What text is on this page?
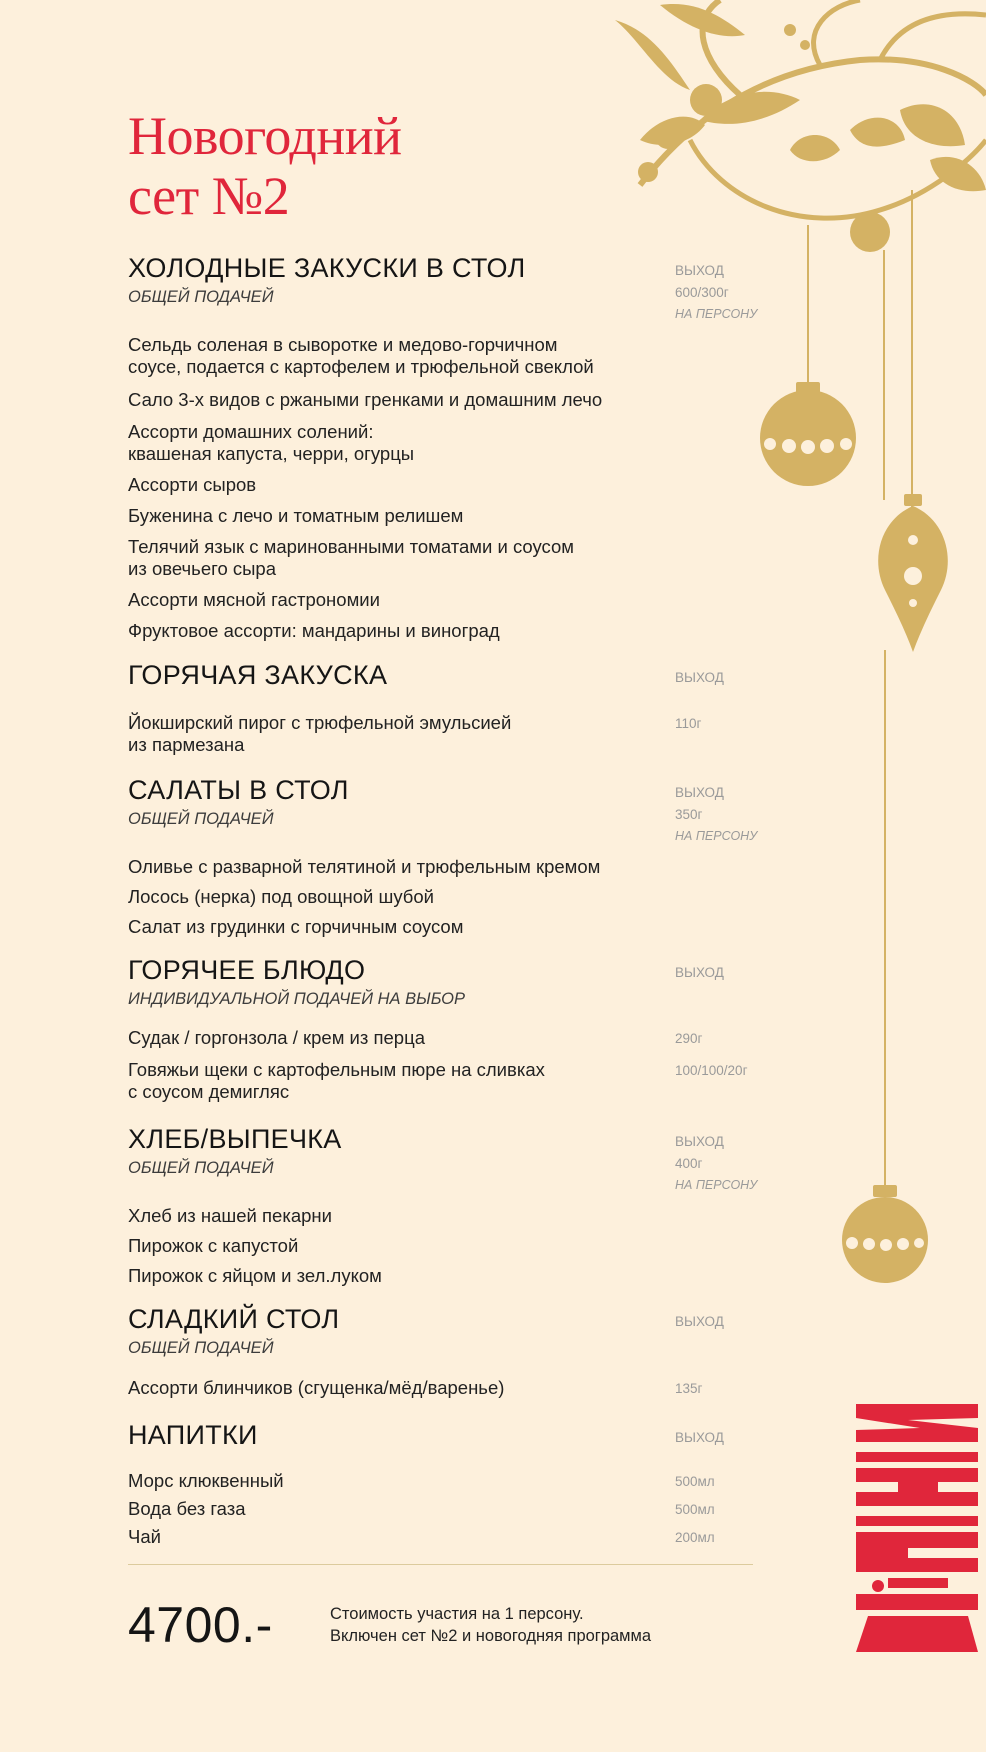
Новогодний
сет №2
ХОЛОДНЫЕ ЗАКУСКИ В СТОЛ
ОБЩЕЙ ПОДАЧЕЙ
ВЫХОД
600/300г
НА ПЕРСОНУ
Сельдь соленая в сыворотке и медово-горчичном
соусе, подается с картофелем и трюфельной свеклой
Сало 3-х видов с ржаными гренками и домашним лечо
Ассорти домашних солений:
квашеная капуста, черри, огурцы
Ассорти сыров
Буженина с лечо и томатным релишем
Телячий язык с маринованными томатами и соусом
из овечьего сыра
Ассорти мясной гастрономии
Фруктовое ассорти: мандарины и виноград
ГОРЯЧАЯ ЗАКУСКА	ВЫХОД
Йокширский пирог с трюфельной эмульсией
из пармезана
110г
САЛАТЫ В СТОЛ
ОБЩЕЙ ПОДАЧЕЙ
ВЫХОД
350г
НА ПЕРСОНУ
Оливье с разварной телятиной и трюфельным кремом
Лосось (нерка) под овощной шубой
Салат из грудинки с горчичным соусом
ГОРЯЧЕЕ БЛЮДО
ИНДИВИДУАЛЬНОЙ ПОДАЧЕЙ НА ВЫБОР
ВЫХОД
Судак / горгонзола / крем из перца	290г
Говяжьи щеки с картофельным пюре на сливках
с соусом демигляс
100/100/20г
ХЛЕБ/ВЫПЕЧКА
ОБЩЕЙ ПОДАЧЕЙ
ВЫХОД
400г
НА ПЕРСОНУ
Хлеб из нашей пекарни
Пирожок с капустой
Пирожок с яйцом и зел.луком
СЛАДКИЙ СТОЛ
ОБЩЕЙ ПОДАЧЕЙ
ВЫХОД
Ассорти блинчиков (сгущенка/мёд/варенье)	135г
НАПИТКИ	ВЫХОД
Морс клюквенный	500мл
Вода без газа	500мл
Чай	200мл
4700.-	Стоимость участия на 1 персону.
Включен сет №2 и новогодняя программа
